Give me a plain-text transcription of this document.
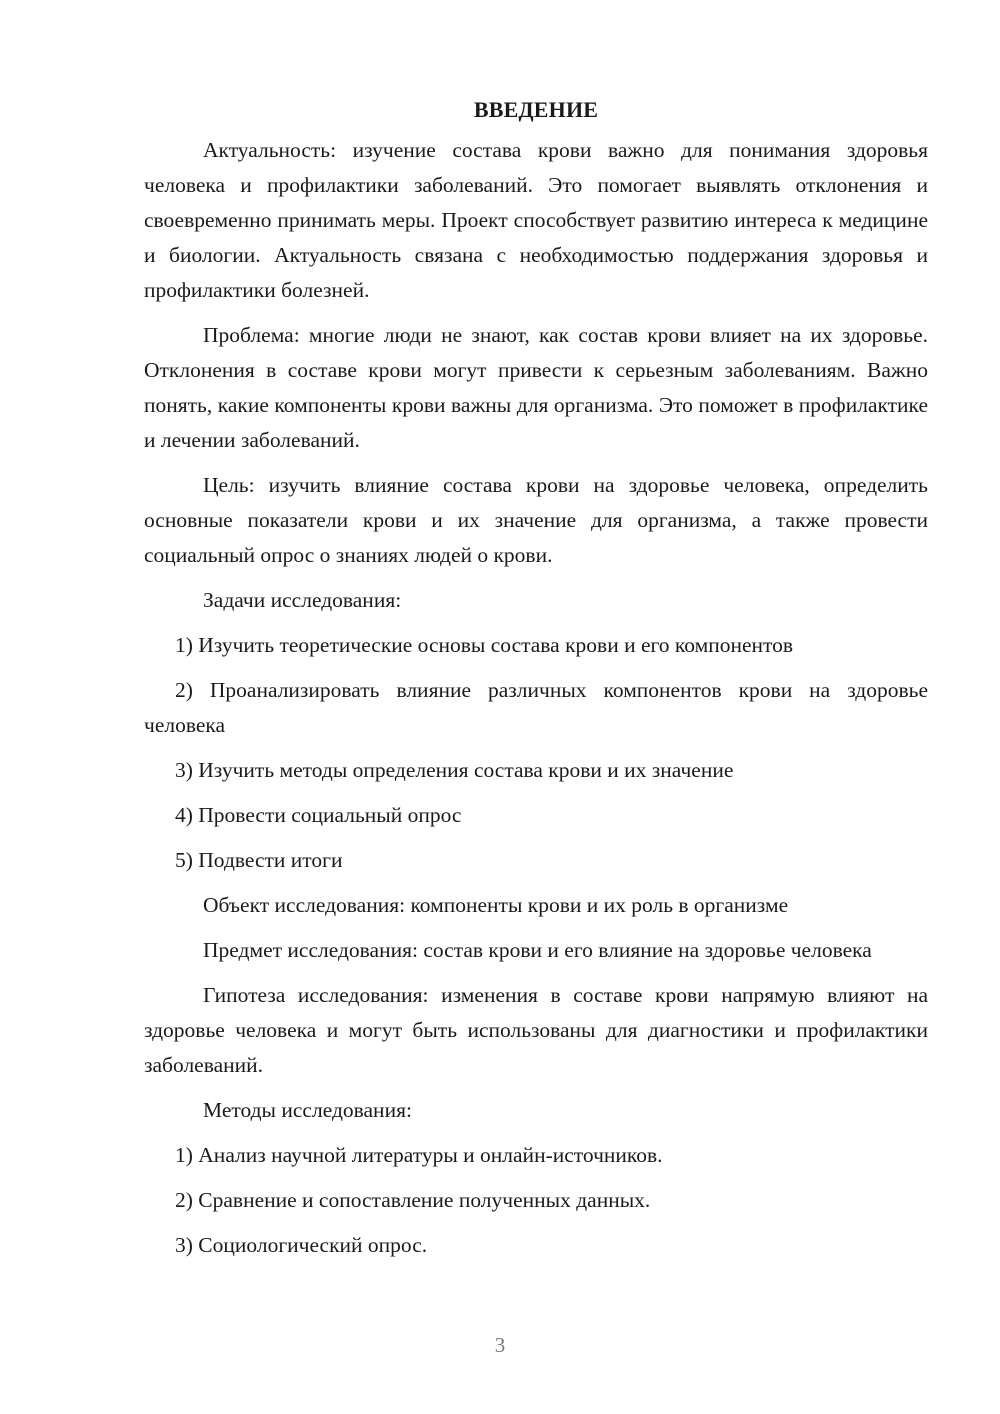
ВВЕДЕНИЕ

Актуальность: изучение состава крови важно для понимания здоровья человека и профилактики заболеваний. Это помогает выявлять отклонения и своевременно принимать меры. Проект способствует развитию интереса к медицине и биологии. Актуальность связана с необходимостью поддержания здоровья и профилактики болезней.

Проблема: многие люди не знают, как состав крови влияет на их здоровье. Отклонения в составе крови могут привести к серьезным заболеваниям. Важно понять, какие компоненты крови важны для организма. Это поможет в профилактике и лечении заболеваний.

Цель: изучить влияние состава крови на здоровье человека, определить основные показатели крови и их значение для организма, а также провести социальный опрос о знаниях людей о крови.

Задачи исследования:

1) Изучить теоретические основы состава крови и его компонентов

2) Проанализировать влияние различных компонентов крови на здоровье человека

3) Изучить методы определения состава крови и их значение

4) Провести социальный опрос

5) Подвести итоги

Объект исследования: компоненты крови и их роль в организме

Предмет исследования: состав крови и его влияние на здоровье человека

Гипотеза исследования: изменения в составе крови напрямую влияют на здоровье человека и могут быть использованы для диагностики и профилактики заболеваний.

Методы исследования:

1) Анализ научной литературы и онлайн-источников.

2) Сравнение и сопоставление полученных данных.

3) Социологический опрос.

3
